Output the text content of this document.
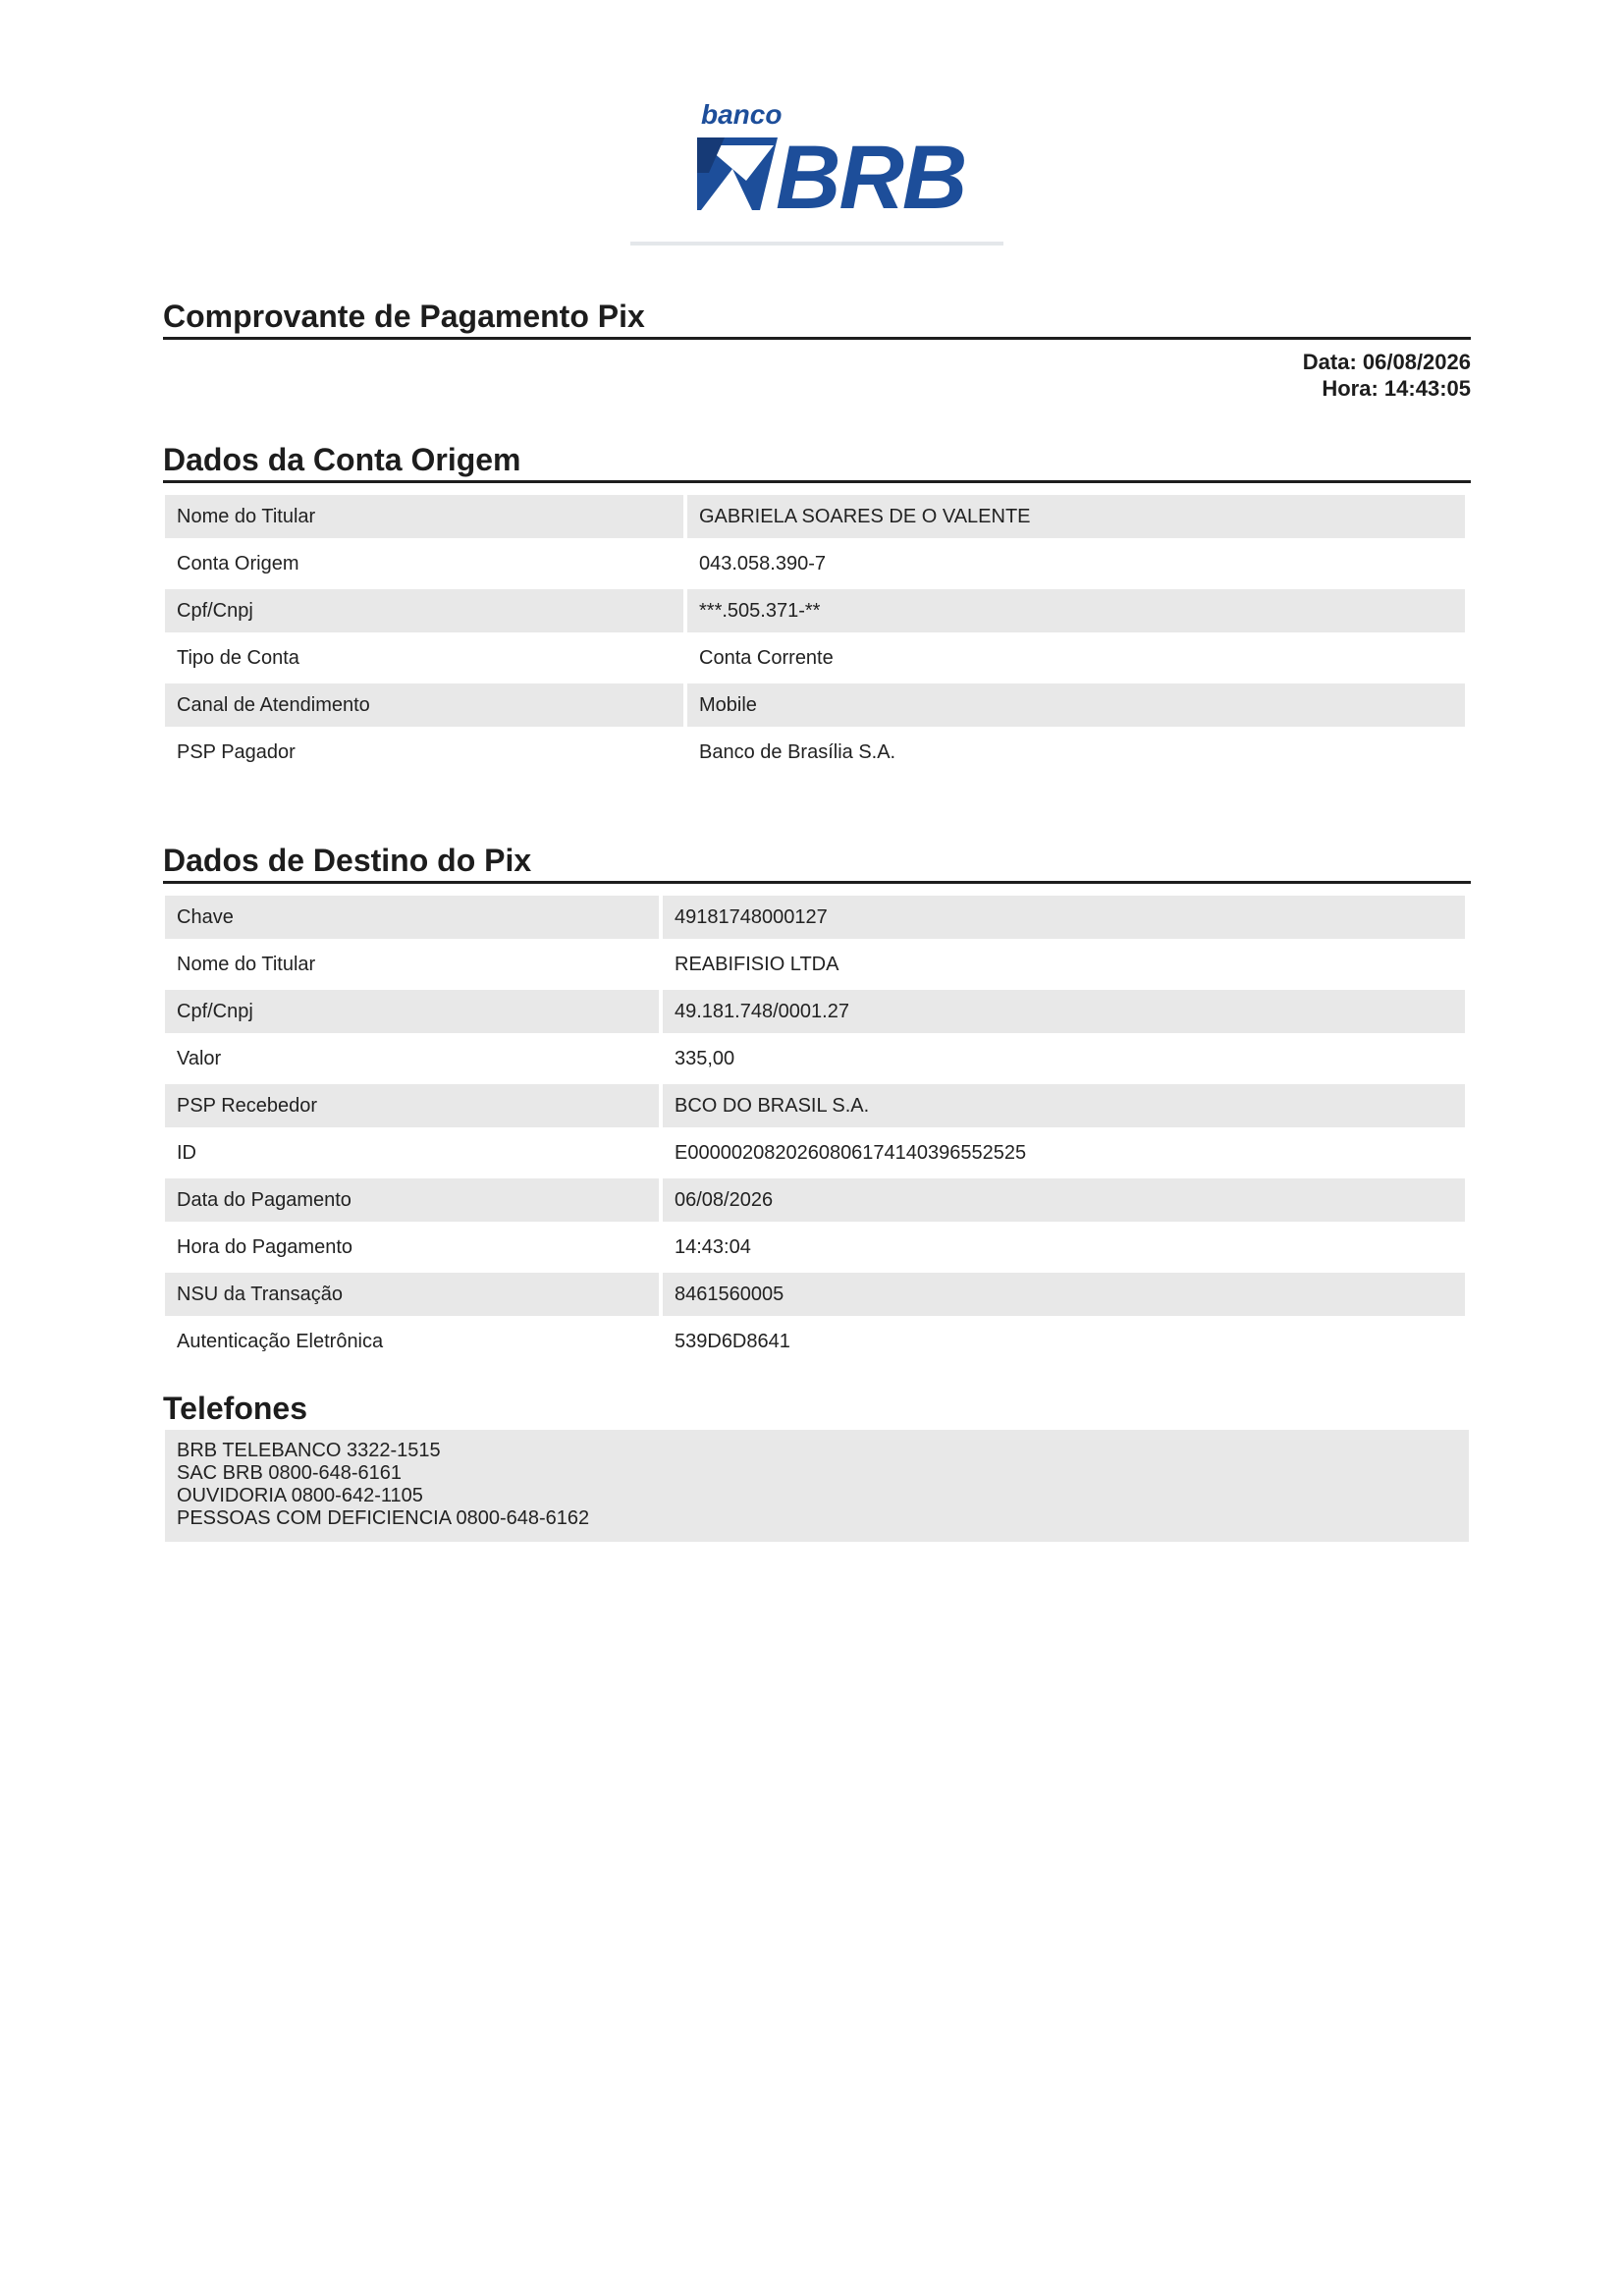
banco
BRB
Comprovante de Pagamento Pix
Data: 06/08/2026
Hora: 14:43:05
Dados da Conta Origem
Nome do Titular	GABRIELA SOARES DE O VALENTE
Conta Origem	043.058.390-7
Cpf/Cnpj	***.505.371-**
Tipo de Conta	Conta Corrente
Canal de Atendimento	Mobile
PSP Pagador	Banco de Brasília S.A.
Dados de Destino do Pix
Chave	49181748000127
Nome do Titular	REABIFISIO LTDA
Cpf/Cnpj	49.181.748/0001.27
Valor	335,00
PSP Recebedor	BCO DO BRASIL S.A.
ID	E0000020820260806174140396552525
Data do Pagamento	06/08/2026
Hora do Pagamento	14:43:04
NSU da Transação	8461560005
Autenticação Eletrônica	539D6D8641
Telefones
BRB TELEBANCO 3322-1515
SAC BRB 0800-648-6161
OUVIDORIA 0800-642-1105
PESSOAS COM DEFICIENCIA 0800-648-6162
